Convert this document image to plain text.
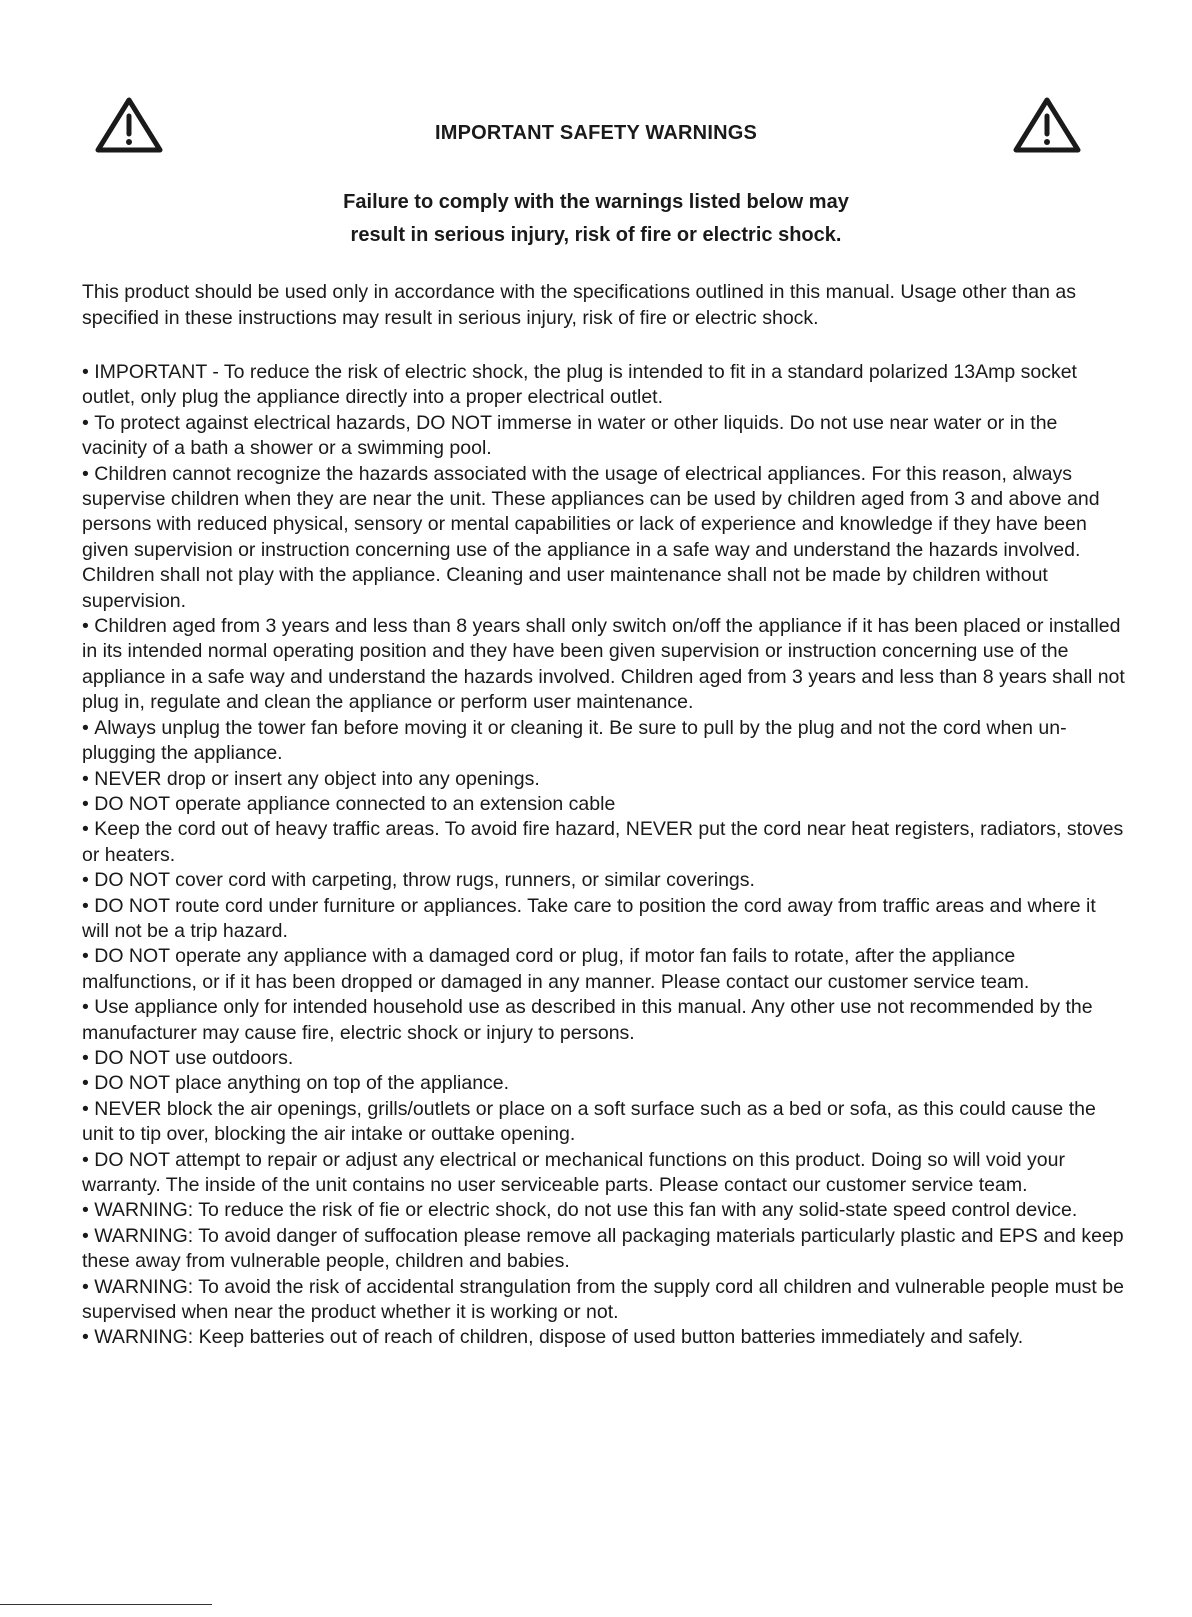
IMPORTANT SAFETY WARNINGS
Failure to comply with the warnings listed below may
result in serious injury, risk of fire or electric shock.
This product should be used only in accordance with the specifications outlined in this manual. Usage other than as specified in these instructions may result in serious injury, risk of fire or electric shock.
• IMPORTANT - To reduce the risk of electric shock, the plug is intended to fit in a standard polarized 13Amp socket outlet, only plug the appliance directly into a proper electrical outlet.
• To protect against electrical hazards, DO NOT immerse in water or other liquids. Do not use near water or in the vacinity of a bath a shower or a swimming pool.
• Children cannot recognize the hazards associated with the usage of electrical appliances. For this reason, always supervise children when they are near the unit. These appliances can be used by children aged from 3 and above and persons with reduced physical, sensory or mental capabilities or lack of experience and knowledge if they have been given supervision or instruction concerning use of the appliance in a safe way and understand the hazards involved. Children shall not play with the appliance. Cleaning and user maintenance shall not be made by children without supervision.
• Children aged from 3 years and less than 8 years shall only switch on/off the appliance if it has been placed or installed in its intended normal operating position and they have been given supervision or instruction concerning use of the appliance in a safe way and understand the hazards involved. Children aged from 3 years and less than 8 years shall not plug in, regulate and clean the appliance or perform user maintenance.
• Always unplug the tower fan before moving it or cleaning it. Be sure to pull by the plug and not the cord when un-plugging the appliance.
• NEVER drop or insert any object into any openings.
• DO NOT operate appliance connected to an extension cable
• Keep the cord out of heavy traffic areas. To avoid fire hazard, NEVER put the cord near heat registers, radiators, stoves or heaters.
• DO NOT cover cord with carpeting, throw rugs, runners, or similar coverings.
• DO NOT route cord under furniture or appliances. Take care to position the cord away from traffic areas and where it will not be a trip hazard.
• DO NOT operate any appliance with a damaged cord or plug, if motor fan fails to rotate, after the appliance malfunctions, or if it has been dropped or damaged in any manner. Please contact our customer service team.
• Use appliance only for intended household use as described in this manual. Any other use not recommended by the manufacturer may cause fire, electric shock or injury to persons.
• DO NOT use outdoors.
• DO NOT place anything on top of the appliance.
• NEVER block the air openings, grills/outlets or place on a soft surface such as a bed or sofa, as this could cause the unit to tip over, blocking the air intake or outtake opening.
• DO NOT attempt to repair or adjust any electrical or mechanical functions on this product. Doing so will void your warranty. The inside of the unit contains no user serviceable parts. Please contact our customer service team.
• WARNING: To reduce the risk of fie or electric shock, do not use this fan with any solid-state speed control device.
• WARNING: To avoid danger of suffocation please remove all packaging materials particularly plastic and EPS and keep these away from vulnerable people, children and babies.
• WARNING: To avoid the risk of accidental strangulation from the supply cord all children and vulnerable people must be supervised when near the product whether it is working or not.
• WARNING: Keep batteries out of reach of children, dispose of used button batteries immediately and safely.
